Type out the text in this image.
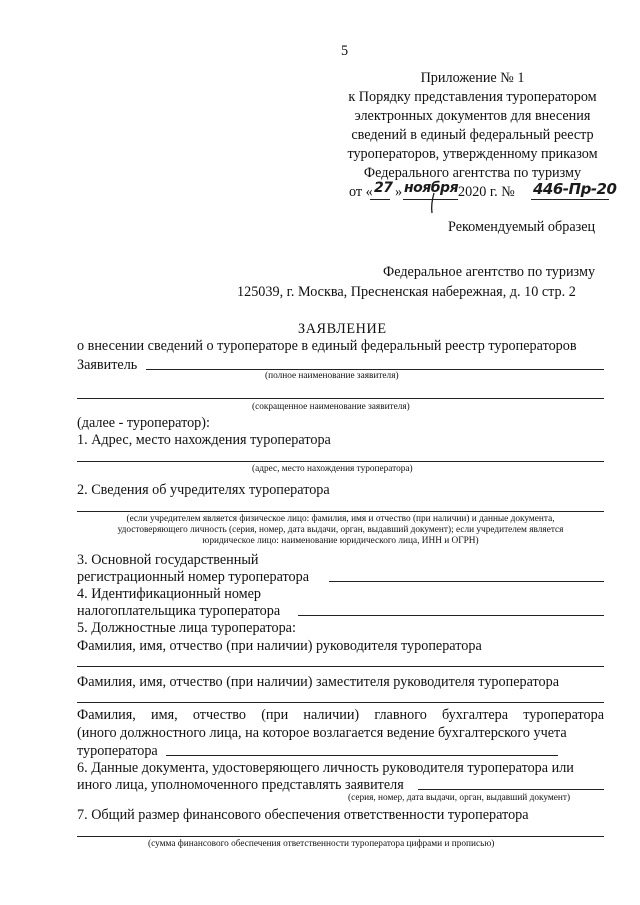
5
Приложение № 1
к Порядку представления туроператором
электронных документов для внесения
сведений в единый федеральный реестр
туроператоров, утвержденному приказом
Федерального агентства по туризму
от « 27 » ноября 2020 г. № 446-Пр-20
Рекомендуемый образец
Федеральное агентство по туризму
125039, г. Москва, Пресненская набережная, д. 10 стр. 2
ЗАЯВЛЕНИЕ
о внесении сведений о туроператоре в единый федеральный реестр туроператоров
Заявитель
(полное наименование заявителя)
(сокращенное наименование заявителя)
(далее - туроператор):
1. Адрес, место нахождения туроператора
(адрес, место нахождения туроператора)
2. Сведения об учредителях туроператора
(если учредителем является физическое лицо: фамилия, имя и отчество (при наличии) и данные документа,
удостоверяющего личность (серия, номер, дата выдачи, орган, выдавший документ); если учредителем является
юридическое лицо: наименование юридического лица, ИНН и ОГРН)
3. Основной государственный
регистрационный номер туроператора
4. Идентификационный номер
налогоплательщика туроператора
5. Должностные лица туроператора:
Фамилия, имя, отчество (при наличии) руководителя туроператора
Фамилия, имя, отчество (при наличии) заместителя руководителя туроператора
Фамилия, имя, отчество (при наличии) главного бухгалтера туроператора
(иного должностного лица, на которое возлагается ведение бухгалтерского учета
туроператора
6. Данные документа, удостоверяющего личность руководителя туроператора или
иного лица, уполномоченного представлять заявителя
(серия, номер, дата выдачи, орган, выдавший документ)
7. Общий размер финансового обеспечения ответственности туроператора
(сумма финансового обеспечения ответственности туроператора цифрами и прописью)
